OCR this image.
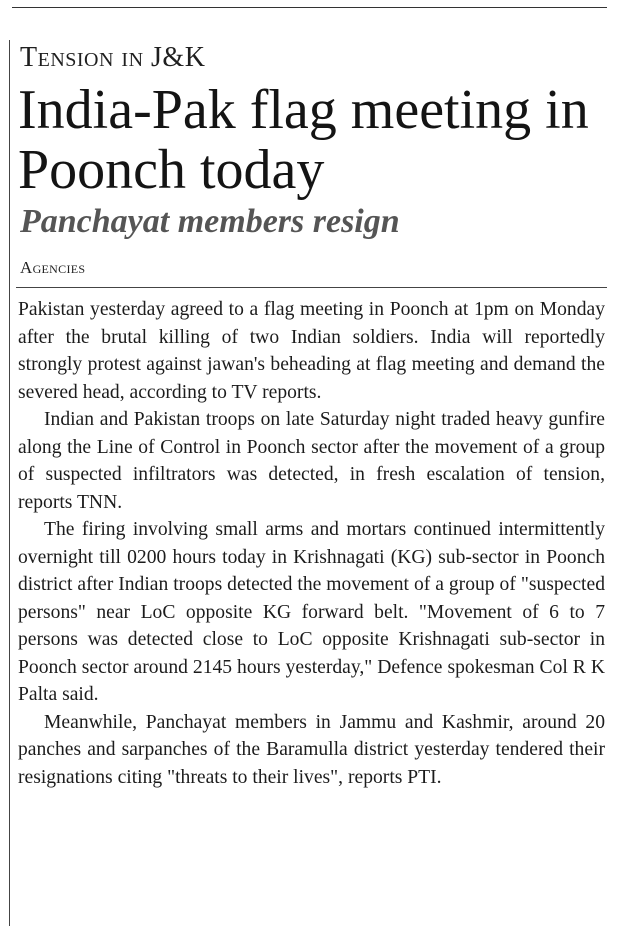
Tension in J&K
India-Pak flag meeting in Poonch today
Panchayat members resign
Agencies

Pakistan yesterday agreed to a flag meeting in Poonch at 1pm on Monday after the brutal killing of two Indian soldiers. India will reportedly strongly protest against jawan's beheading at flag meeting and demand the severed head, according to TV reports.

Indian and Pakistan troops on late Saturday night traded heavy gunfire along the Line of Control in Poonch sector after the movement of a group of suspected infiltrators was detected, in fresh escalation of tension, reports TNN.

The firing involving small arms and mortars continued intermittently overnight till 0200 hours today in Krishnagati (KG) sub-sector in Poonch district after Indian troops detected the movement of a group of "suspected persons" near LoC opposite KG forward belt. "Movement of 6 to 7 persons was detected close to LoC opposite Krishnagati sub-sector in Poonch sector around 2145 hours yesterday," Defence spokesman Col R K Palta said.

Meanwhile, Panchayat members in Jammu and Kashmir, around 20 panches and sarpanches of the Baramulla district yesterday tendered their resignations citing "threats to their lives", reports PTI.
